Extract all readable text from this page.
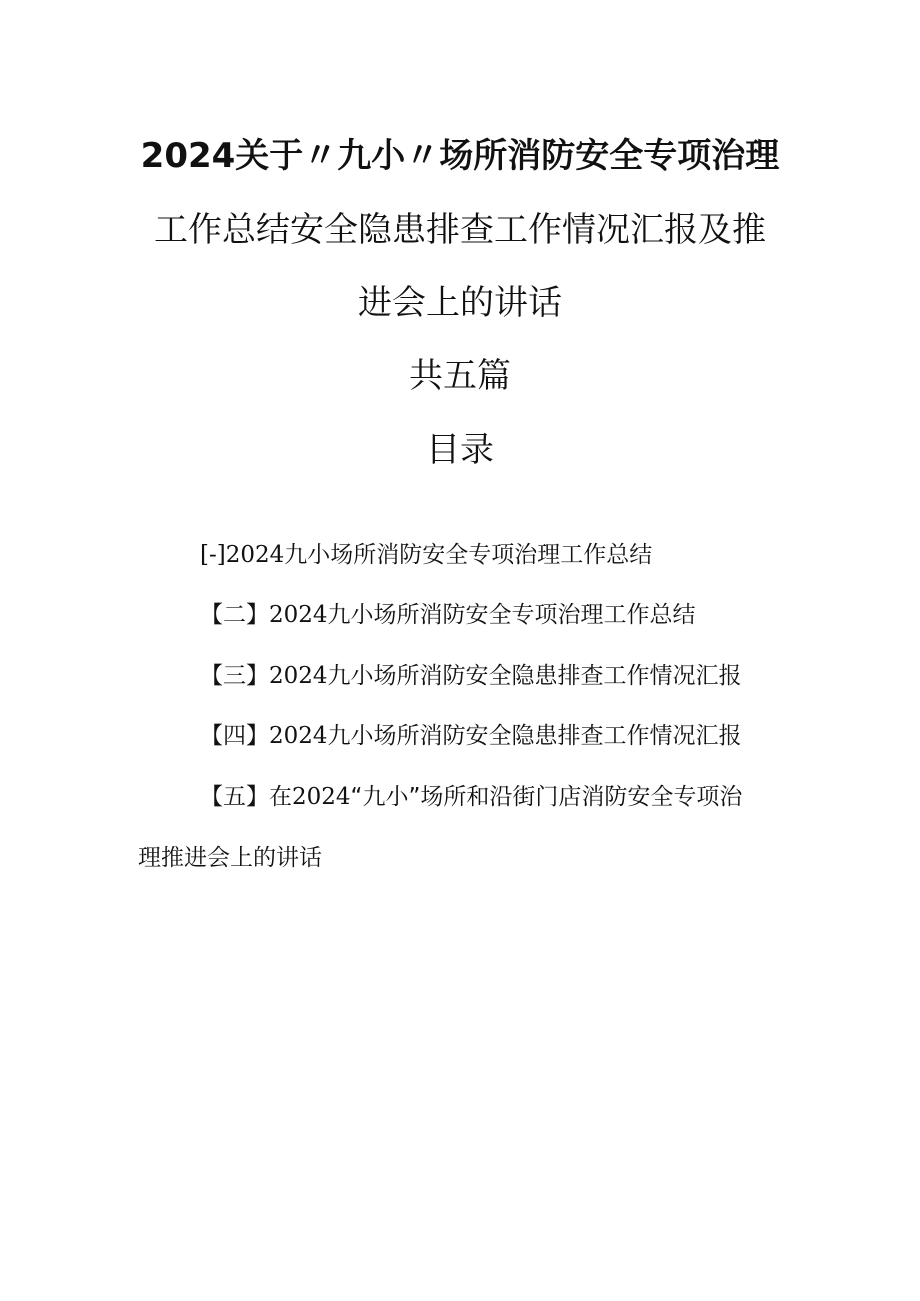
2024关于〃九小〃场所消防安全专项治理
工作总结安全隐患排查工作情况汇报及推
进会上的讲话
共五篇
目录
[-]2024九小场所消防安全专项治理工作总结
【二】2024九小场所消防安全专项治理工作总结
【三】2024九小场所消防安全隐患排查工作情况汇报
【四】2024九小场所消防安全隐患排查工作情况汇报
【五】在2024“九小”场所和沿街门店消防安全专项治
理推进会上的讲话
